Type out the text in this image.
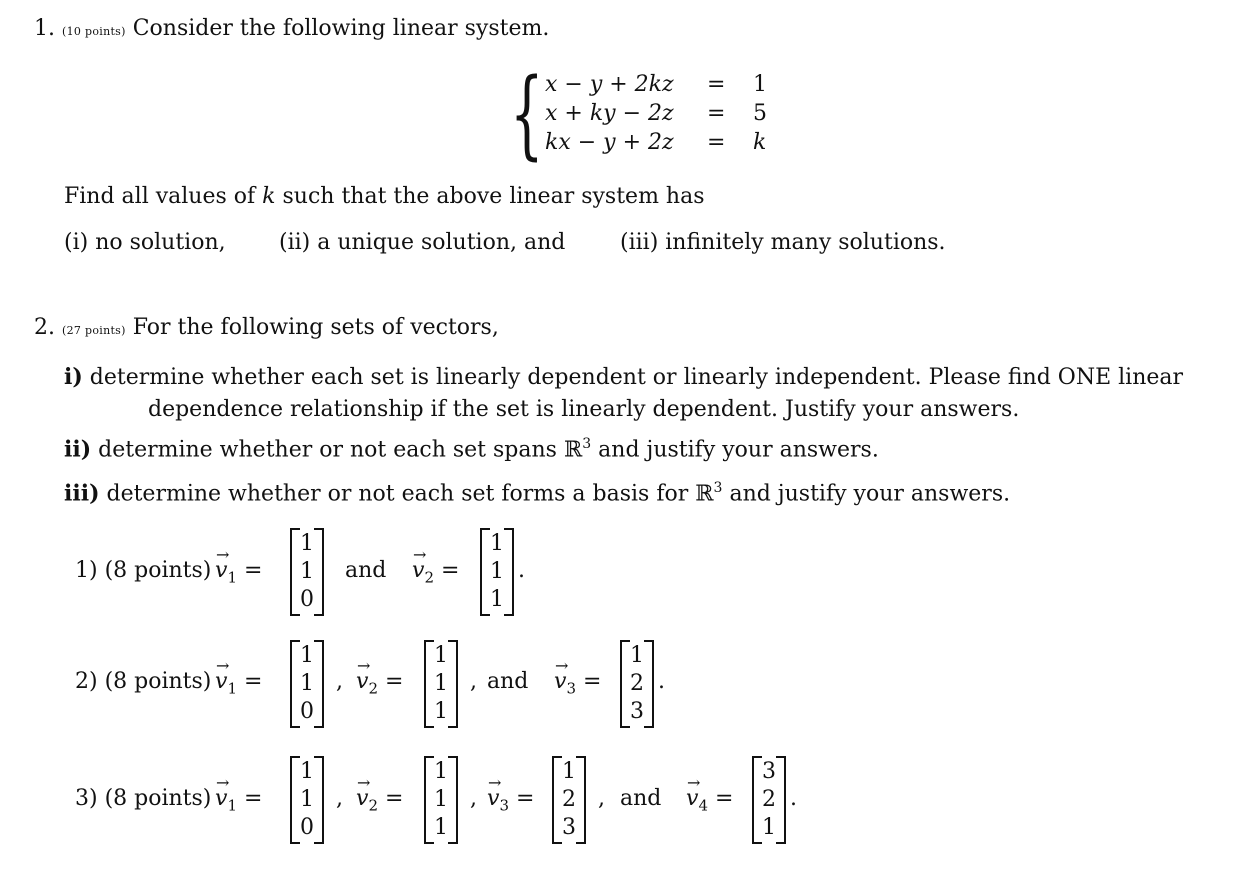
1. (10 points) Consider the following linear system.
{ x − y + 2kz = 1
x + ky − 2z = 5
kx − y + 2z = k
Find all values of k such that the above linear system has
(i) no solution, (ii) a unique solution, and (iii) infinitely many solutions.
2. (27 points) For the following sets of vectors,
i) determine whether each set is linearly dependent or linearly independent. Please find ONE linear
dependence relationship if the set is linearly dependent. Justify your answers.
ii) determine whether or not each set spans ℝ$^3$ and justify your answers.
iii) determine whether or not each set forms a basis for ℝ$^3$ and justify your answers.
1) (8 points)
→
$v_1$ =
1
1
0
and
→
$v_2$ =
1
1
1
.
2) (8 points)
→
$v_1$ =
1
1
0
,
→
$v_2$ =
1
1
1
, and
→
$v_3$ =
1
2
3
.
3) (8 points)
→
$v_1$ =
1
1
0
,
→
$v_2$ =
1
1
1
,
→
$v_3$ =
1
2
3
, and
→
$v_4$ =
3
2
1
.
